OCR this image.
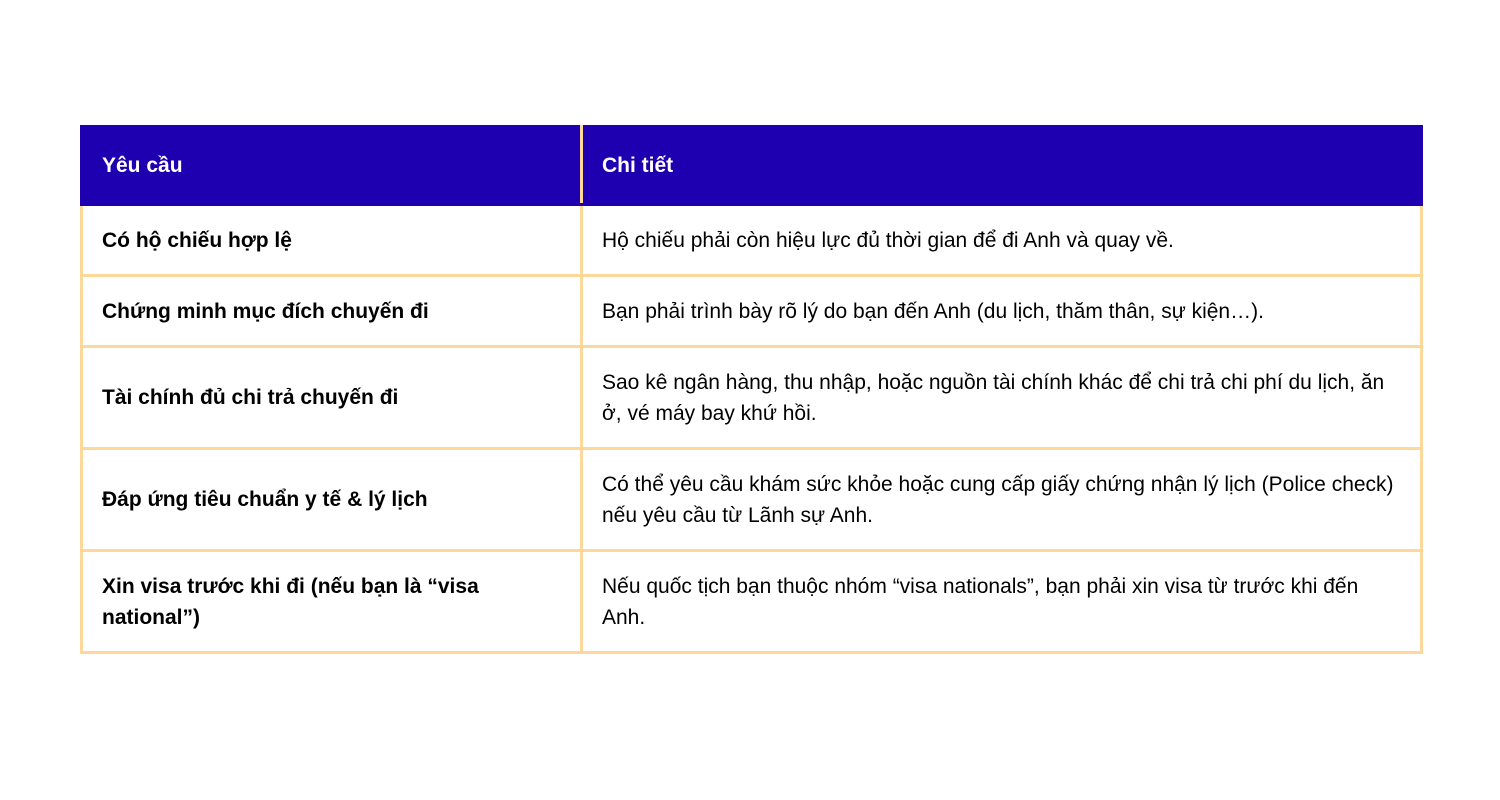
Yêu cầu	Chi tiết
Có hộ chiếu hợp lệ	Hộ chiếu phải còn hiệu lực đủ thời gian để đi Anh và quay về.
Chứng minh mục đích chuyến đi	Bạn phải trình bày rõ lý do bạn đến Anh (du lịch, thăm thân, sự kiện…).
Tài chính đủ chi trả chuyến đi	Sao kê ngân hàng, thu nhập, hoặc nguồn tài chính khác để chi trả chi phí du lịch, ăn ở, vé máy bay khứ hồi.
Đáp ứng tiêu chuẩn y tế & lý lịch	Có thể yêu cầu khám sức khỏe hoặc cung cấp giấy chứng nhận lý lịch (Police check) nếu yêu cầu từ Lãnh sự Anh.
Xin visa trước khi đi (nếu bạn là “visa national”)	Nếu quốc tịch bạn thuộc nhóm “visa nationals”, bạn phải xin visa từ trước khi đến Anh.
